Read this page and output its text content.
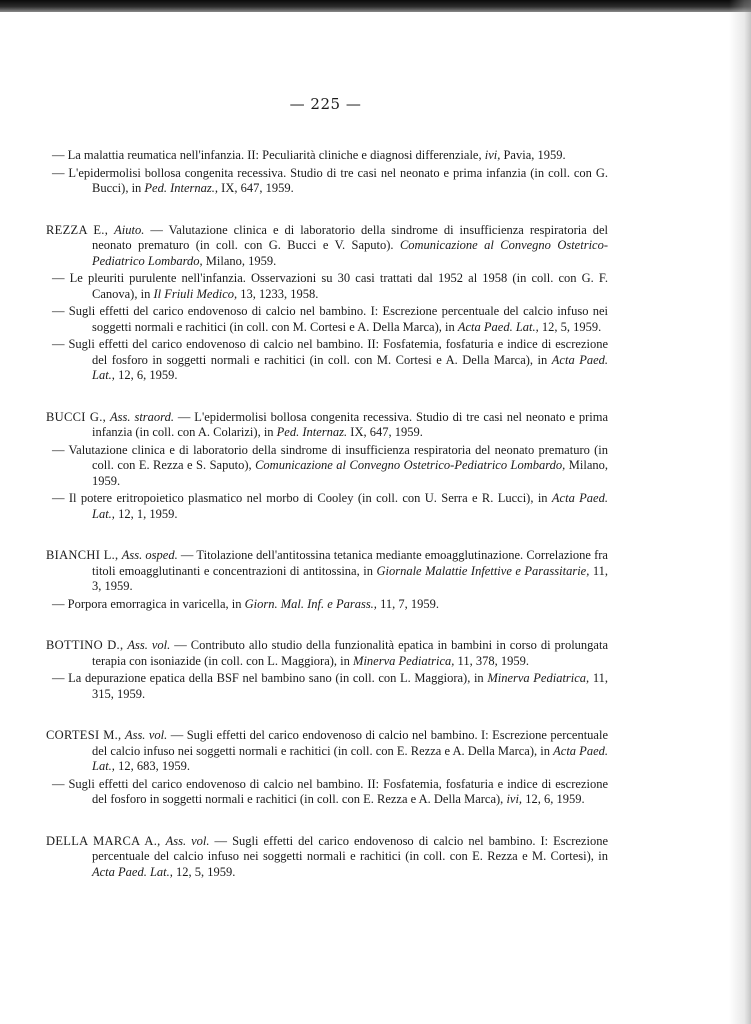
— 225 —

— La malattia reumatica nell'infanzia. II: Peculiarità cliniche e diagnosi differenziale, ivi, Pavia, 1959.

— L'epidermolisi bollosa congenita recessiva. Studio di tre casi nel neonato e prima infanzia (in coll. con G. Bucci), in Ped. Internaz., IX, 647, 1959.

REZZA E., Aiuto. — Valutazione clinica e di laboratorio della sindrome di insufficienza respiratoria del neonato prematuro (in coll. con G. Bucci e V. Saputo). Comunicazione al Convegno Ostetrico-Pediatrico Lombardo, Milano, 1959.

— Le pleuriti purulente nell'infanzia. Osservazioni su 30 casi trattati dal 1952 al 1958 (in coll. con G. F. Canova), in Il Friuli Medico, 13, 1233, 1958.

— Sugli effetti del carico endovenoso di calcio nel bambino. I: Escrezione percentuale del calcio infuso nei soggetti normali e rachitici (in coll. con M. Cortesi e A. Della Marca), in Acta Paed. Lat., 12, 5, 1959.

— Sugli effetti del carico endovenoso di calcio nel bambino. II: Fosfatemia, fosfaturia e indice di escrezione del fosforo in soggetti normali e rachitici (in coll. con M. Cortesi e A. Della Marca), in Acta Paed. Lat., 12, 6, 1959.

BUCCI G., Ass. straord. — L'epidermolisi bollosa congenita recessiva. Studio di tre casi nel neonato e prima infanzia (in coll. con A. Colarizi), in Ped. Internaz. IX, 647, 1959.

— Valutazione clinica e di laboratorio della sindrome di insufficienza respiratoria del neonato prematuro (in coll. con E. Rezza e S. Saputo), Comunicazione al Convegno Ostetrico-Pediatrico Lombardo, Milano, 1959.

— Il potere eritropoietico plasmatico nel morbo di Cooley (in coll. con U. Serra e R. Lucci), in Acta Paed. Lat., 12, 1, 1959.

BIANCHI L., Ass. osped. — Titolazione dell'antitossina tetanica mediante emoagglutinazione. Correlazione fra titoli emoagglutinanti e concentrazioni di antitossina, in Giornale Malattie Infettive e Parassitarie, 11, 3, 1959.

— Porpora emorragica in varicella, in Giorn. Mal. Inf. e Parass., 11, 7, 1959.

BOTTINO D., Ass. vol. — Contributo allo studio della funzionalità epatica in bambini in corso di prolungata terapia con isoniazide (in coll. con L. Maggiora), in Minerva Pediatrica, 11, 378, 1959.

— La depurazione epatica della BSF nel bambino sano (in coll. con L. Maggiora), in Minerva Pediatrica, 11, 315, 1959.

CORTESI M., Ass. vol. — Sugli effetti del carico endovenoso di calcio nel bambino. I: Escrezione percentuale del calcio infuso nei soggetti normali e rachitici (in coll. con E. Rezza e A. Della Marca), in Acta Paed. Lat., 12, 683, 1959.

— Sugli effetti del carico endovenoso di calcio nel bambino. II: Fosfatemia, fosfaturia e indice di escrezione del fosforo in soggetti normali e rachitici (in coll. con E. Rezza e A. Della Marca), ivi, 12, 6, 1959.

DELLA MARCA A., Ass. vol. — Sugli effetti del carico endovenoso di calcio nel bambino. I: Escrezione percentuale del calcio infuso nei soggetti normali e rachitici (in coll. con E. Rezza e M. Cortesi), in Acta Paed. Lat., 12, 5, 1959.
